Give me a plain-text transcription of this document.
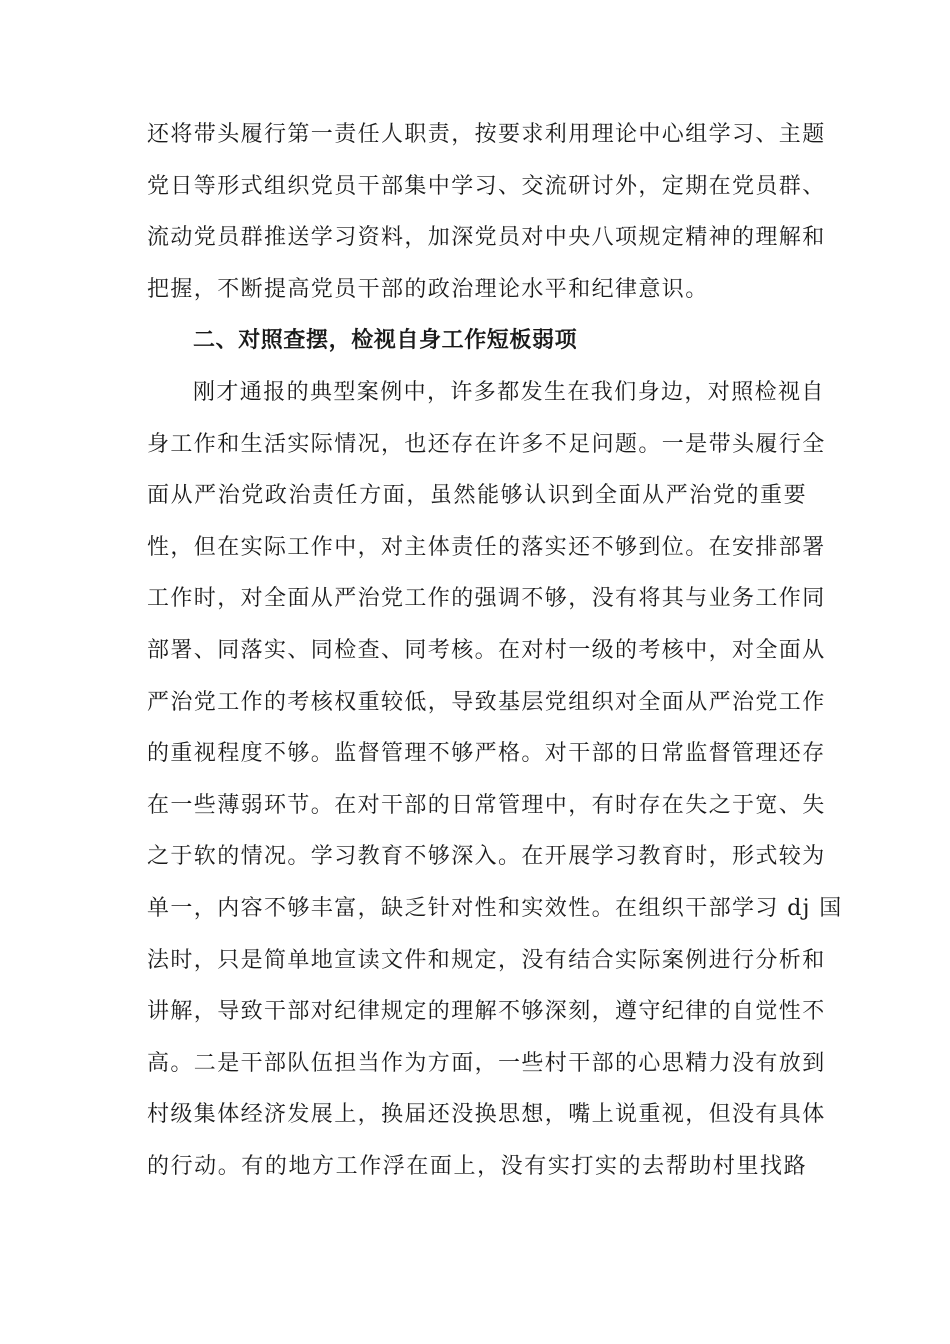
还将带头履行第一责任人职责，按要求利用理论中心组学习、主题
党日等形式组织党员干部集中学习、交流研讨外，定期在党员群、
流动党员群推送学习资料，加深党员对中央八项规定精神的理解和
把握，不断提高党员干部的政治理论水平和纪律意识。
二、对照查摆，检视自身工作短板弱项
刚才通报的典型案例中，许多都发生在我们身边，对照检视自
身工作和生活实际情况，也还存在许多不足问题。一是带头履行全
面从严治党政治责任方面，虽然能够认识到全面从严治党的重要
性，但在实际工作中，对主体责任的落实还不够到位。在安排部署
工作时，对全面从严治党工作的强调不够，没有将其与业务工作同
部署、同落实、同检查、同考核。在对村一级的考核中，对全面从
严治党工作的考核权重较低，导致基层党组织对全面从严治党工作
的重视程度不够。监督管理不够严格。对干部的日常监督管理还存
在一些薄弱环节。在对干部的日常管理中，有时存在失之于宽、失
之于软的情况。学习教育不够深入。在开展学习教育时，形式较为
单一，内容不够丰富，缺乏针对性和实效性。在组织干部学习 dj 国
法时，只是简单地宣读文件和规定，没有结合实际案例进行分析和
讲解，导致干部对纪律规定的理解不够深刻，遵守纪律的自觉性不
高。二是干部队伍担当作为方面，一些村干部的心思精力没有放到
村级集体经济发展上，换届还没换思想，嘴上说重视，但没有具体
的行动。有的地方工作浮在面上，没有实打实的去帮助村里找路
